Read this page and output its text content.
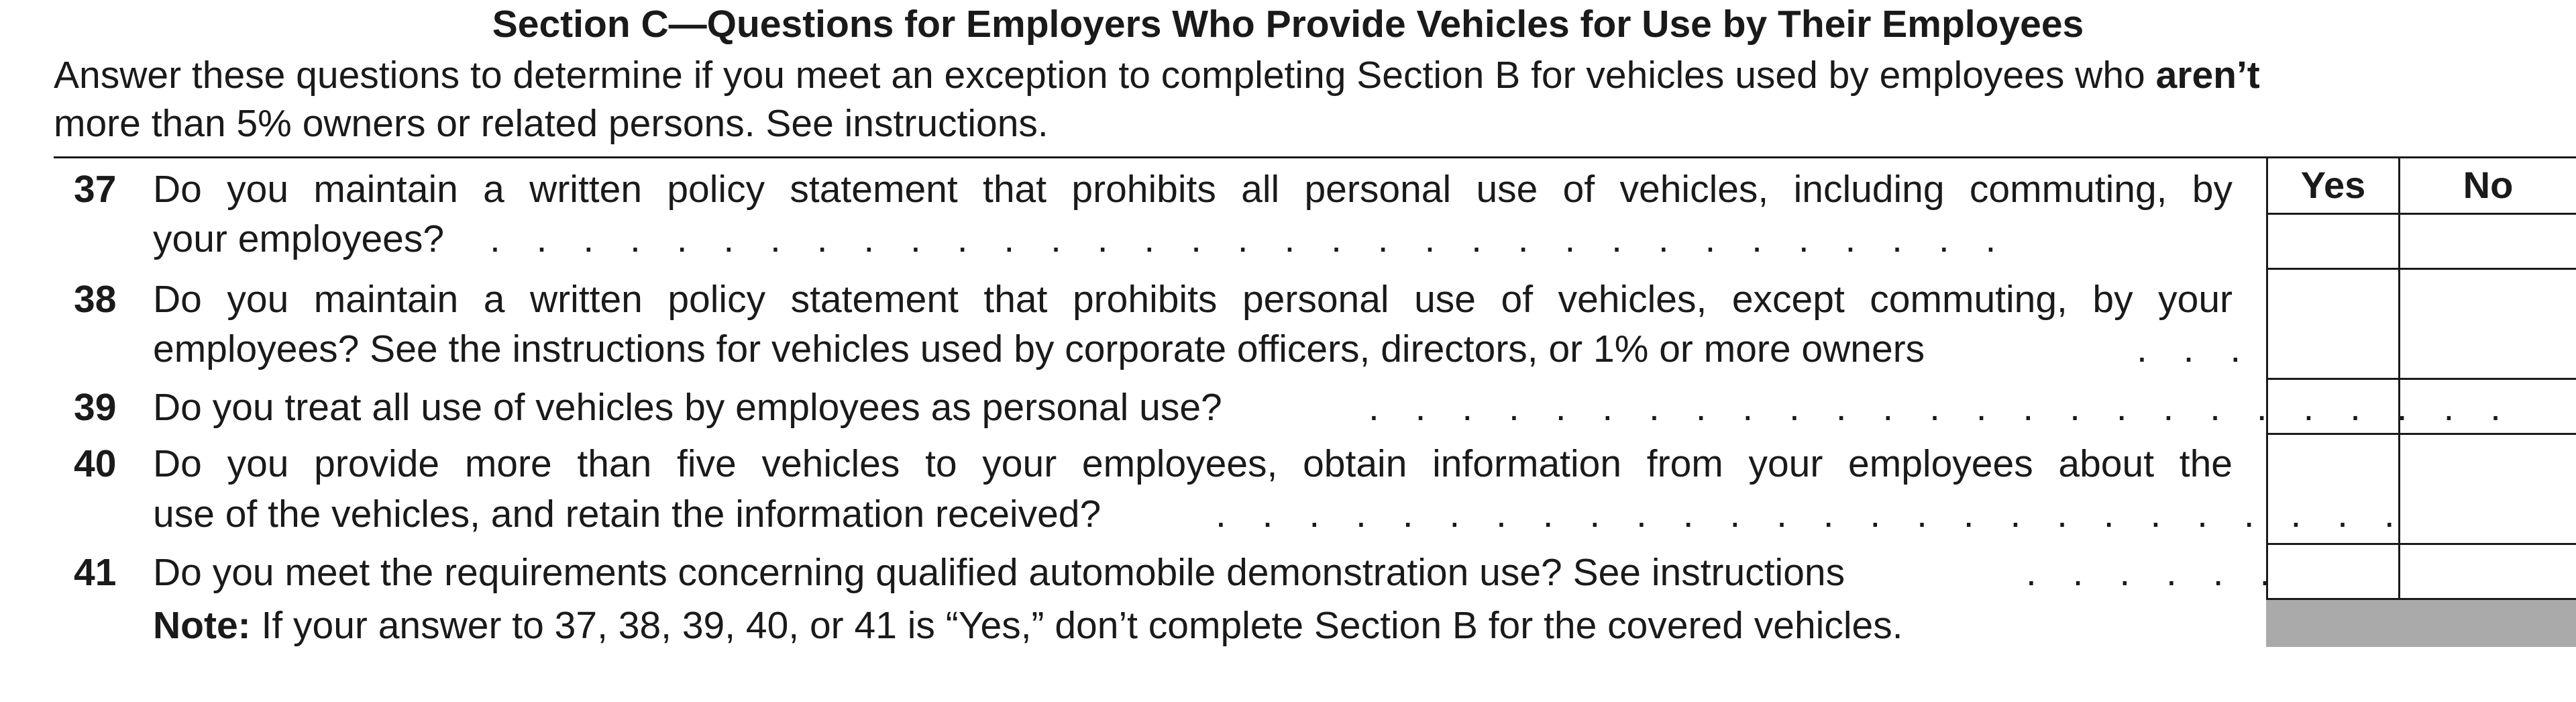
Section C—Questions for Employers Who Provide Vehicles for Use by Their Employees
Answer these questions to determine if you meet an exception to completing Section B for vehicles used by employees who aren’t
more than 5% owners or related persons. See instructions.
Yes	No
37 Do you maintain a written policy statement that prohibits all personal use of vehicles, including commuting, by
your employees? . . . . . . . . . . . . . . . . . . . . . . . . . . . . . . . . .
38 Do you maintain a written policy statement that prohibits personal use of vehicles, except commuting, by your
employees? See the instructions for vehicles used by corporate officers, directors, or 1% or more owners	. . .
39 Do you treat all use of vehicles by employees as personal use?	. . . . . . . . . . . . . . . . . . . . . . . . .
40 Do you provide more than five vehicles to your employees, obtain information from your employees about the
use of the vehicles, and retain the information received?	. . . . . . . . . . . . . . . . . . . . . . . . . .
41 Do you meet the requirements concerning qualified automobile demonstration use? See instructions	. . . . . .
Note: If your answer to 37, 38, 39, 40, or 41 is “Yes,” don’t complete Section B for the covered vehicles.
